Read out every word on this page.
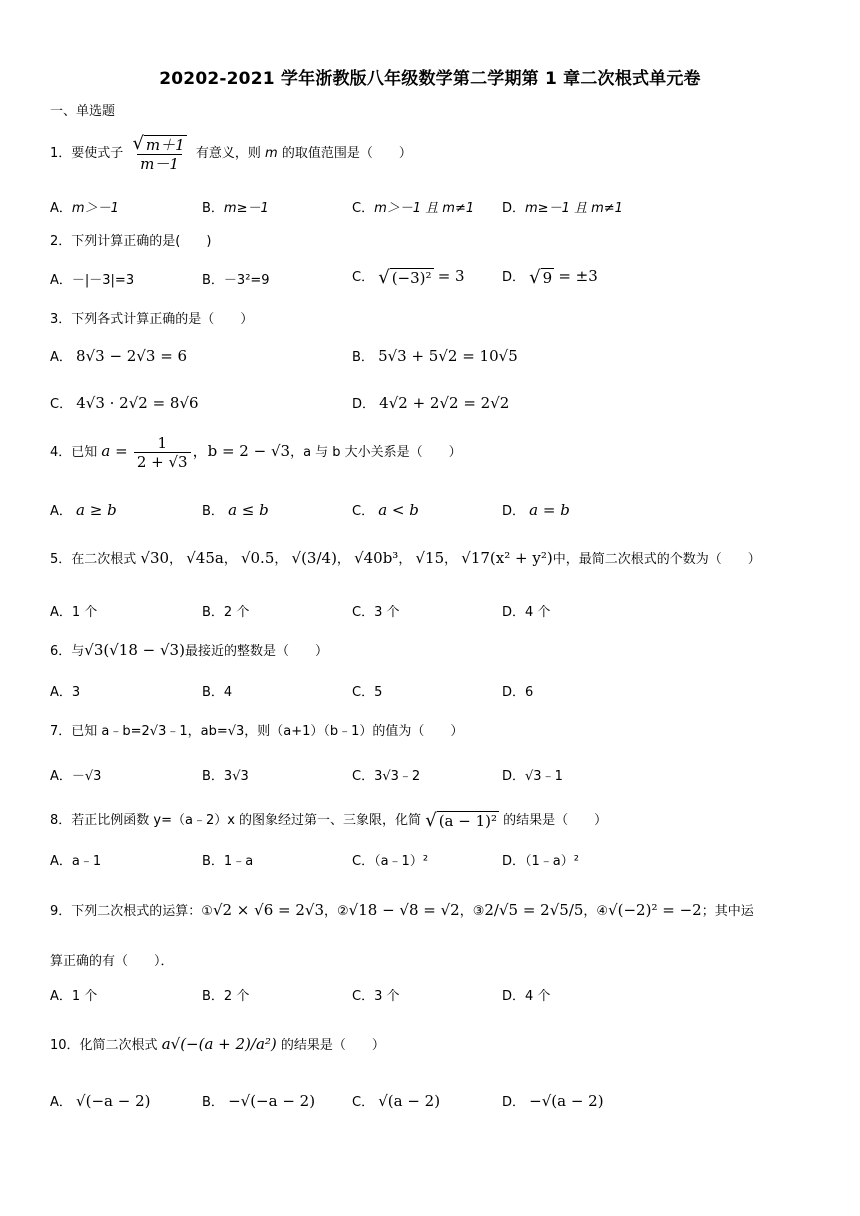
20202-2021 学年浙教版八年级数学第二学期第 1 章二次根式单元卷
一、单选题
1．要使式子 $\frac{√ m+1}{m-1}$ 有意义，则 m 的取值范围是（　　）
A．m＞－1	B．m≥－1	C．m＞－1 且 m≠1 D．m≥－1 且 m≠1
2．下列计算正确的是(　　)
A．－|－3|=3	B．－3²=9	C． √ (−3)² = 3	D． √ 9 = ±3
3．下列各式计算正确的是（　　）
A． 8√3 − 2√3 = 6	B． 5√3 + 5√2 = 10√5
C． 4√3 · 2√2 = 8√6	D． 4√2 + 2√2 = 2√2
4．已知 $a = \frac{1}{2 + √3}$ ，b = 2 − √3，a 与 b 大小关系是（　　）
A． a ≥ b	B． a ≤ b	C． a < b	D． a = b
5．在二次根式 √30， √45a， √0.5， √(3/4)， √40b³， √15， √17(x² + y²)中，最简二次根式的个数为（　　）
A．1 个	B．2 个	C．3 个	D．4 个
6．与√3(√18 − √3)最接近的整数是（　　）
A．3	B．4	C．5	D．6
7．已知 a﹣b=2√3﹣1，ab=√3，则（a+1）（b﹣1）的值为（　　）
A．－√3	B．3√3	C．3√3﹣2	D．√3﹣1
8．若正比例函数 y=（a﹣2）x 的图象经过第一、三象限，化简 √ (a − 1)² 的结果是（　　）
A．a﹣1	B．1﹣a	C．（a﹣1）²	D．（1﹣a）²
9．下列二次根式的运算：①√2 × √6 = 2√3，②√18 − √8 = √2，③2/√5 = 2√5/5，④√(−2)² = −2；其中运
算正确的有（　　）．
A．1 个	B．2 个	C．3 个	D．4 个
10．化简二次根式 a√(−(a + 2)/a²) 的结果是（　　）
A． √(−a − 2)	B． −√(−a − 2)	C． √(a − 2)	D． −√(a − 2)
